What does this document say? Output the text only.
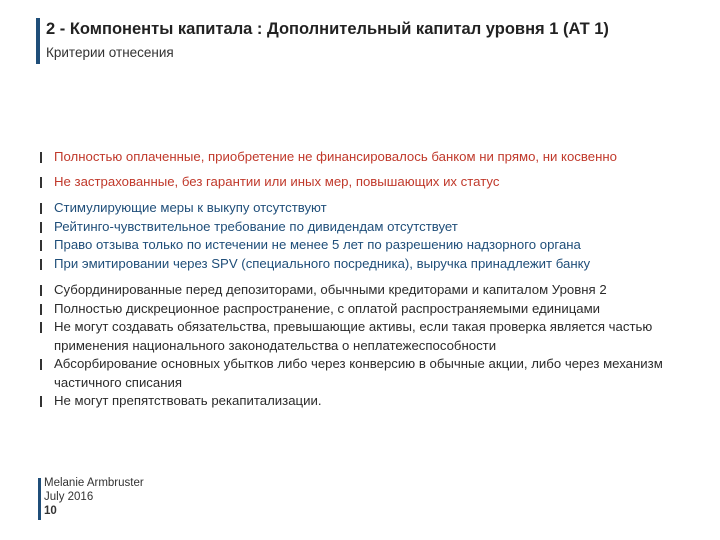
2 - Компоненты капитала : Дополнительный капитал уровня 1 (АТ 1)
Критерии отнесения
Полностью оплаченные, приобретение не финансировалось банком ни прямо, ни косвенно
Не застрахованные, без гарантии или иных мер, повышающих их статус
Стимулирующие меры к выкупу отсутствуют
Рейтинго-чувствительное требование по дивидендам отсутствует
Право отзыва только по истечении не менее 5 лет по разрешению надзорного органа
При эмитировании через SPV (специального посредника), выручка принадлежит банку
Субординированные перед депозиторами, обычными кредиторами и капиталом Уровня 2
Полностью дискреционное распространение, с оплатой распространяемыми единицами
Не могут создавать обязательства, превышающие активы, если такая проверка является частью применения национального законодательства о неплатежеспособности
Абсорбирование основных убытков либо через конверсию в обычные акции, либо через механизм частичного списания
Не могут препятствовать рекапитализации.
Melanie Armbruster
July 2016
10
